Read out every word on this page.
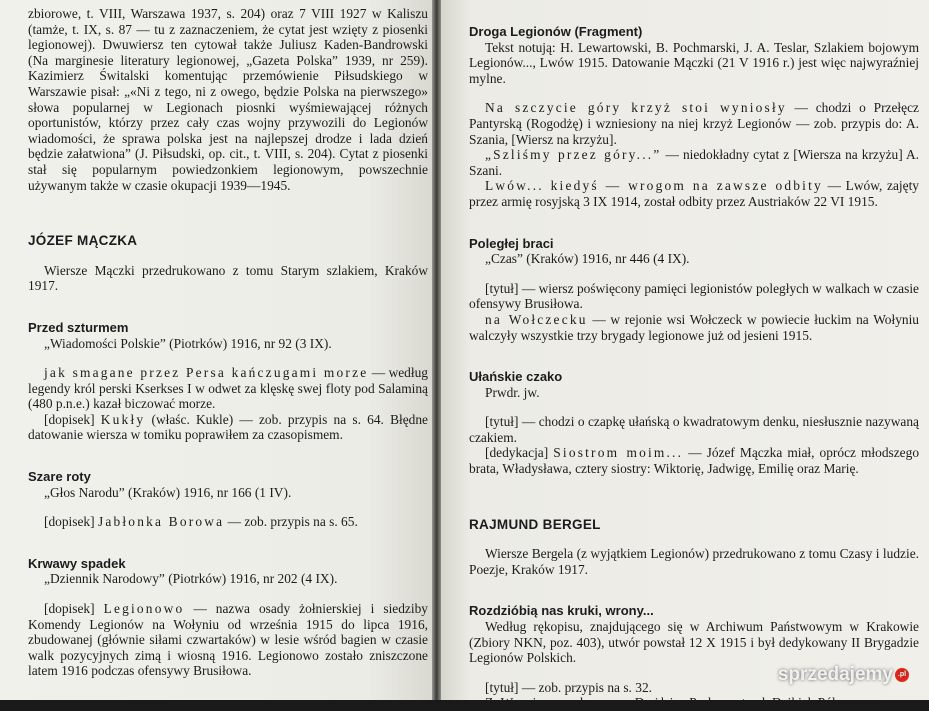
zbiorowe, t. VIII, Warszawa 1937, s. 204) oraz 7 VIII 1927 w Kaliszu (tamże, t. IX, s. 87 — tu z zaznaczeniem, że cytat jest wzięty z piosenki legionowej). Dwuwiersz ten cytował także Juliusz Kaden-Bandrowski (Na marginesie literatury legionowej, „Gazeta Polska” 1939, nr 259). Kazimierz Świtalski komentując przemówienie Piłsudskiego w Warszawie pisał: „«Ni z tego, ni z owego, będzie Polska na pierwszego» słowa popularnej w Legionach piosnki wyśmiewającej różnych oportunistów, którzy przez cały czas wojny przywozili do Legionów wiadomości, że sprawa polska jest na najlepszej drodze i lada dzień będzie załatwiona” (J. Piłsudski, op. cit., t. VIII, s. 204). Cytat z piosenki stał się popularnym powiedzonkiem legionowym, powszechnie używanym także w czasie okupacji 1939—1945.

JÓZEF MĄCZKA

Wiersze Mączki przedrukowano z tomu Starym szlakiem, Kraków 1917.

Przed szturmem

„Wiadomości Polskie” (Piotrków) 1916, nr 92 (3 IX).

jak smagane przez Persa kańczugami morze — według legendy król perski Kserkses I w odwet za klęskę swej floty pod Salaminą (480 p.n.e.) kazał biczować morze.

[dopisek] Kukły (właśc. Kukle) — zob. przypis na s. 64. Błędne datowanie wiersza w tomiku poprawiłem za czasopismem.

Szare roty

„Głos Narodu” (Kraków) 1916, nr 166 (1 IV).

[dopisek] Jabłonka Borowa — zob. przypis na s. 65.

Krwawy spadek

„Dziennik Narodowy” (Piotrków) 1916, nr 202 (4 IX).

[dopisek] Legionowo — nazwa osady żołnierskiej i siedziby Komendy Legionów na Wołyniu od września 1915 do lipca 1916, zbudowanej (głównie siłami czwartaków) w lesie wśród bagien w czasie walk pozycyjnych zimą i wiosną 1916. Legionowo zostało zniszczone latem 1916 podczas ofensywy Brusiłowa.

Droga Legionów (Fragment)

Tekst notują: H. Lewartowski, B. Pochmarski, J. A. Teslar, Szlakiem bojowym Legionów..., Lwów 1915. Datowanie Mączki (21 V 1916 r.) jest więc najwyraźniej mylne.

Na szczycie góry krzyż stoi wyniosły — chodzi o Przełęcz Pantyrską (Rogodżę) i wzniesiony na niej krzyż Legionów — zob. przypis do: A. Szania, [Wiersz na krzyżu].

„Szliśmy przez góry...” — niedokładny cytat z [Wiersza na krzyżu] A. Szani.

Lwów... kiedyś — wrogom na zawsze odbity — Lwów, zajęty przez armię rosyjską 3 IX 1914, został odbity przez Austriaków 22 VI 1915.

Poległej braci

„Czas” (Kraków) 1916, nr 446 (4 IX).

[tytuł] — wiersz poświęcony pamięci legionistów poległych w walkach w czasie ofensywy Brusiłowa.

na Wołczecku — w rejonie wsi Wołczeck w powiecie łuckim na Wołyniu walczyły wszystkie trzy brygady legionowe już od jesieni 1915.

Ułańskie czako

Prwdr. jw.

[tytuł] — chodzi o czapkę ułańską o kwadratowym denku, niesłusznie nazywaną czakiem.

[dedykacja] Siostrom moim... — Józef Mączka miał, oprócz młodszego brata, Władysława, cztery siostry: Wiktorię, Jadwigę, Emilię oraz Marię.

RAJMUND BERGEL

Wiersze Bergela (z wyjątkiem Legionów) przedrukowano z tomu Czasy i ludzie. Poezje, Kraków 1917.

Rozdzióbią nas kruki, wrony...

Według rękopisu, znajdującego się w Archiwum Państwowym w Krakowie (Zbiory NKN, poz. 403), utwór powstał 12 X 1915 i był dedykowany II Brygadzie Legionów Polskich.

[tytuł] — zob. przypis na s. 32.

Z Węgier — hen po Dzikie Pola — terch Dzikich Pól

sprzedajemy .pl
